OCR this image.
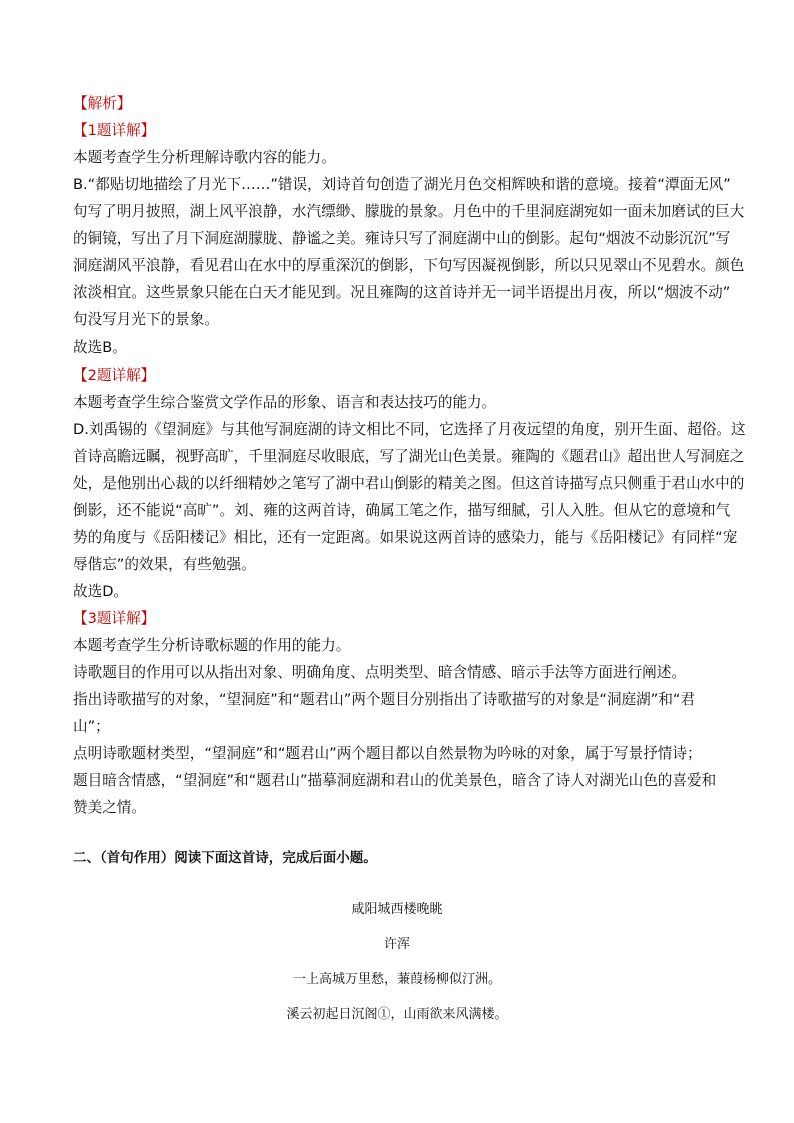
【解析】
【1题详解】
本题考查学生分析理解诗歌内容的能力。
B.“都贴切地描绘了月光下……”错误，刘诗首句创造了湖光月色交相辉映和谐的意境。接着“潭面无风”
句写了明月披照，湖上风平浪静，水汽缥缈、朦胧的景象。月色中的千里洞庭湖宛如一面未加磨试的巨大
的铜镜，写出了月下洞庭湖朦胧、静谧之美。雍诗只写了洞庭湖中山的倒影。起句“烟波不动影沉沉”写
洞庭湖风平浪静，看见君山在水中的厚重深沉的倒影，下句写因凝视倒影，所以只见翠山不见碧水。颜色
浓淡相宜。这些景象只能在白天才能见到。况且雍陶的这首诗并无一词半语提出月夜，所以“烟波不动”
句没写月光下的景象。
故选B。
【2题详解】
本题考查学生综合鉴赏文学作品的形象、语言和表达技巧的能力。
D.刘禹锡的《望洞庭》与其他写洞庭湖的诗文相比不同，它选择了月夜远望的角度，别开生面、超俗。这
首诗高瞻远瞩，视野高旷，千里洞庭尽收眼底，写了湖光山色美景。雍陶的《题君山》超出世人写洞庭之
处，是他别出心裁的以纤细精妙之笔写了湖中君山倒影的精美之图。但这首诗描写点只侧重于君山水中的
倒影，还不能说“高旷”。刘、雍的这两首诗，确属工笔之作，描写细腻，引人入胜。但从它的意境和气
势的角度与《岳阳楼记》相比，还有一定距离。如果说这两首诗的感染力，能与《岳阳楼记》有同样“宠
辱偕忘”的效果，有些勉强。
故选D。
【3题详解】
本题考查学生分析诗歌标题的作用的能力。
诗歌题目的作用可以从指出对象、明确角度、点明类型、暗含情感、暗示手法等方面进行阐述。
指出诗歌描写的对象，“望洞庭”和“题君山”两个题目分别指出了诗歌描写的对象是“洞庭湖”和“君
山”；
点明诗歌题材类型，“望洞庭”和“题君山”两个题目都以自然景物为吟咏的对象，属于写景抒情诗；
题目暗含情感，“望洞庭”和“题君山”描摹洞庭湖和君山的优美景色，暗含了诗人对湖光山色的喜爱和
赞美之情。
二、（首句作用）阅读下面这首诗，完成后面小题。
咸阳城西楼晚眺
许浑
一上高城万里愁，蒹葭杨柳似汀洲。
溪云初起日沉阁①，山雨欲来风满楼。
